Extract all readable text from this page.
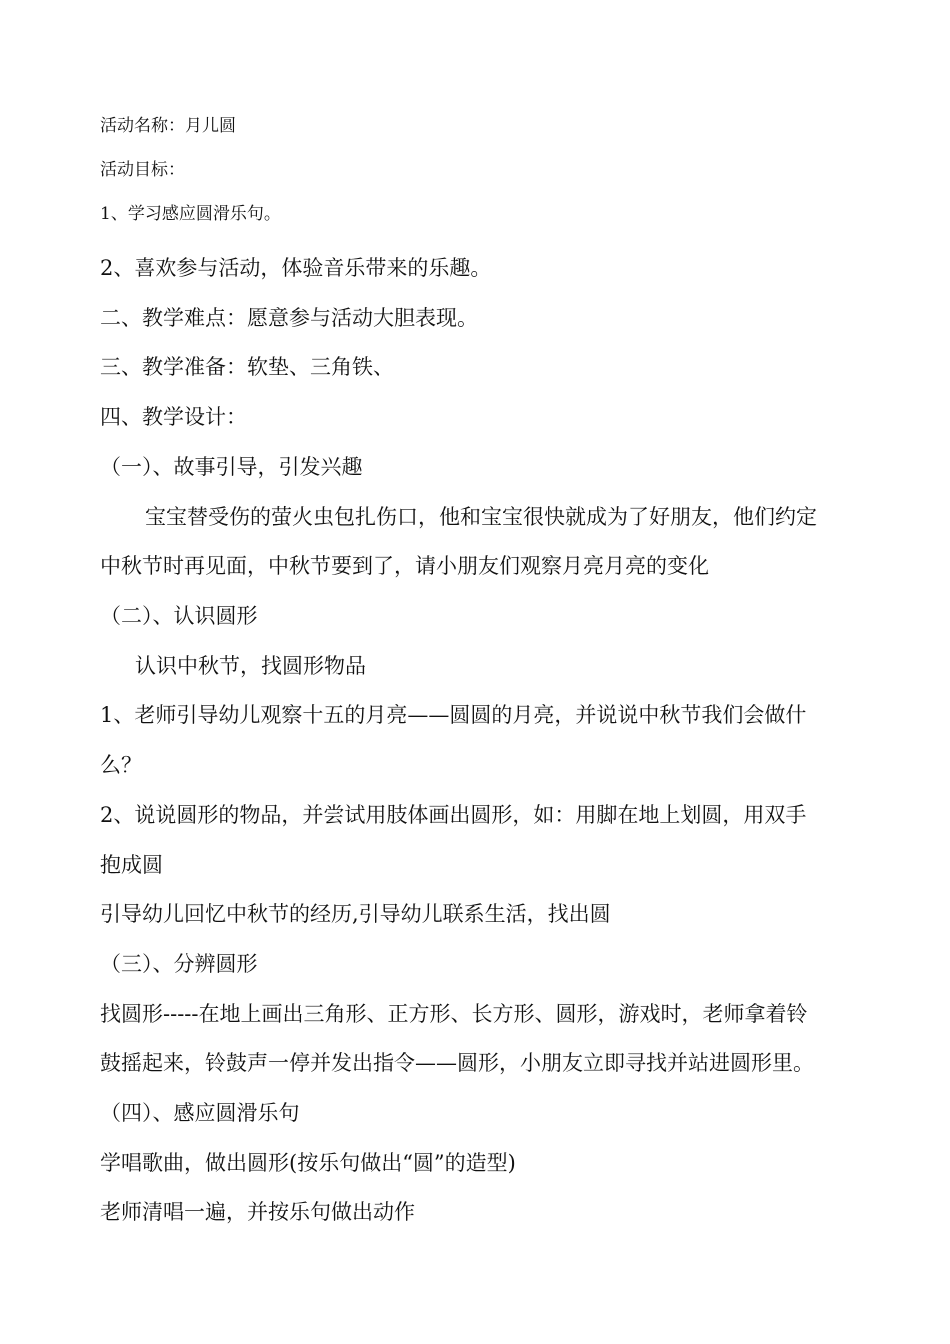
活动名称：月儿圆
活动目标：
1、学习感应圆滑乐句。
2、喜欢参与活动，体验音乐带来的乐趣。
二、教学难点：愿意参与活动大胆表现。
三、教学准备：软垫、三角铁、
四、教学设计：
（一）、故事引导，引发兴趣
宝宝替受伤的萤火虫包扎伤口，他和宝宝很快就成为了好朋友，他们约定
中秋节时再见面，中秋节要到了，请小朋友们观察月亮月亮的变化
（二）、认识圆形
认识中秋节，找圆形物品
1、老师引导幼儿观察十五的月亮——圆圆的月亮，并说说中秋节我们会做什
么？
2、说说圆形的物品，并尝试用肢体画出圆形，如：用脚在地上划圆，用双手
抱成圆
引导幼儿回忆中秋节的经历,引导幼儿联系生活，找出圆
（三）、分辨圆形
找圆形-----在地上画出三角形、正方形、长方形、圆形，游戏时，老师拿着铃
鼓摇起来，铃鼓声一停并发出指令——圆形，小朋友立即寻找并站进圆形里。
（四）、感应圆滑乐句
学唱歌曲，做出圆形(按乐句做出“圆”的造型)
老师清唱一遍，并按乐句做出动作
